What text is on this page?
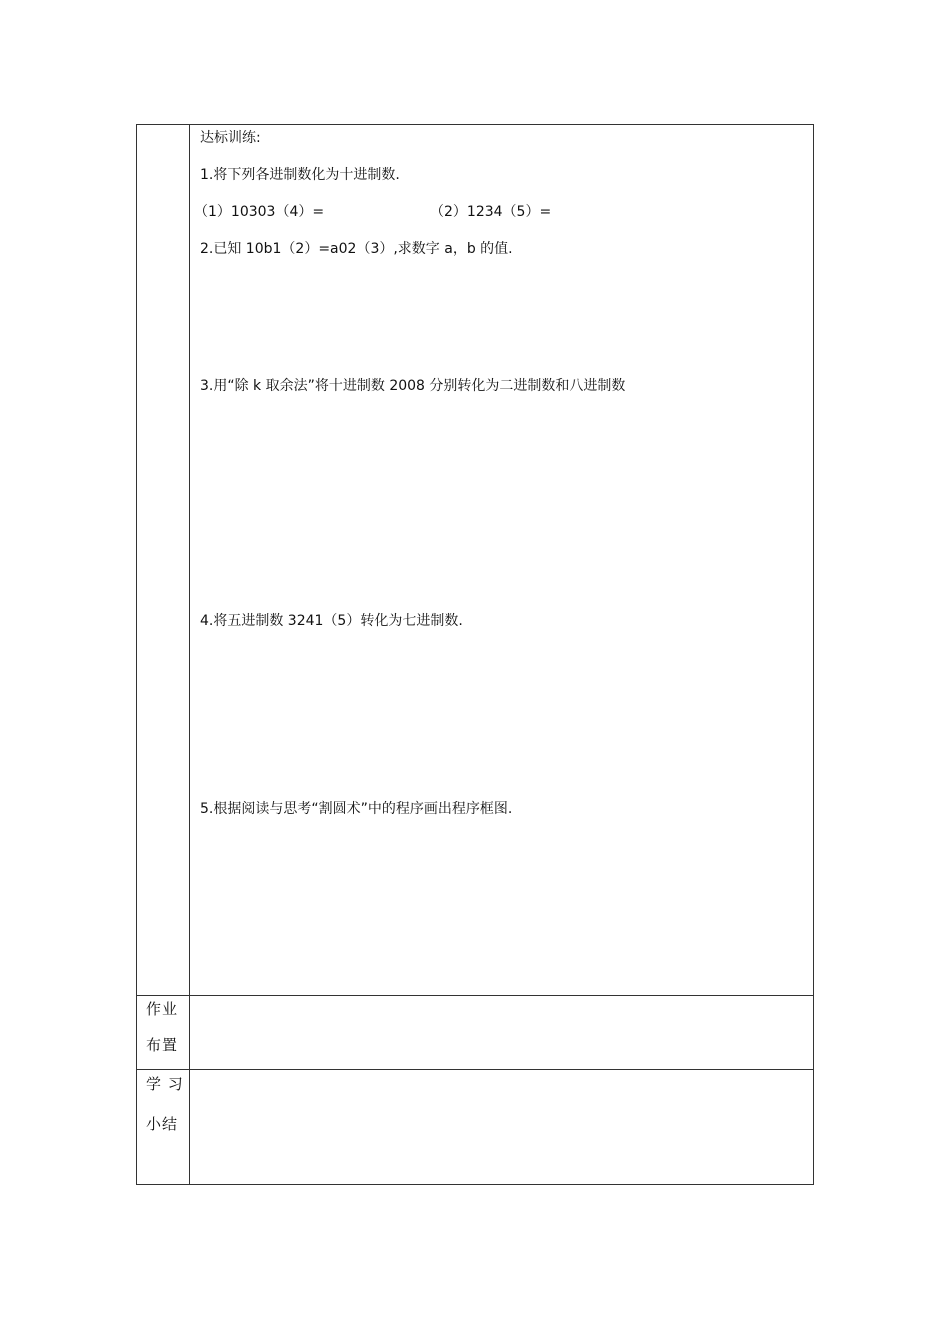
达标训练:
1.将下列各进制数化为十进制数.
（1）10303（4）=	（2）1234（5）=
2.已知 10b1（2）=a02（3）,求数字 a，b 的值.
3.用“除 k 取余法”将十进制数 2008 分别转化为二进制数和八进制数
4.将五进制数 3241（5）转化为七进制数.
5.根据阅读与思考“割圆术”中的程序画出程序框图.
作业
布置
学 习
小结
